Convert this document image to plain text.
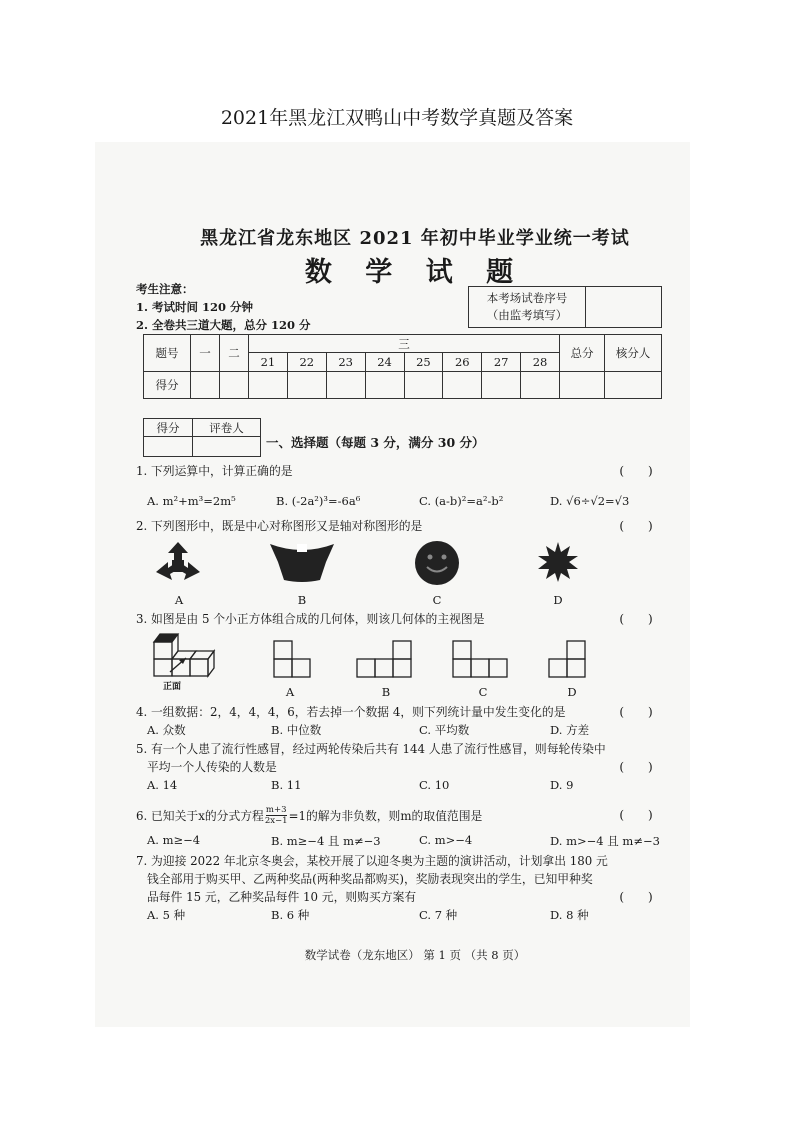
2021年黑龙江双鸭山中考数学真题及答案
黑龙江省龙东地区 2021 年初中毕业学业统一考试
数 学 试 题
考生注意：
1. 考试时间 120 分钟
2. 全卷共三道大题，总分 120 分
本考场试卷序号
（由监考填写）

题号	一	二	三								总分	核分人
			21	22	23	24	25	26	27	28		
得分												
得分	评卷人

一、选择题（每题 3 分，满分 30 分）
1. 下列运算中，计算正确的是	(　　)
A. m²+m³=2m⁵	B. (-2a²)³=-6a⁶	C. (a-b)²=a²-b²	D. √6÷√2=√3
2. 下列图形中，既是中心对称图形又是轴对称图形的是	(　　)
A	B	C	D
3. 如图是由 5 个小正方体组合成的几何体，则该几何体的主视图是	(　　)
正面	A	B	C	D
4. 一组数据：2，4，4，4，6，若去掉一个数据 4，则下列统计量中发生变化的是	(　　)
A. 众数	B. 中位数	C. 平均数	D. 方差
5. 有一个人患了流行性感冒，经过两轮传染后共有 144 人患了流行性感冒，则每轮传染中
平均一个人传染的人数是	(　　)
A. 14	B. 11	C. 10	D. 9
6. 已知关于x的分式方程 $\frac{m+3}{2x-1} =1$的解为非负数，则m的取值范围是	(　　)
A. m≥−4	B. m≥−4 且 m≠−3	C. m>−4	D. m>−4 且 m≠−3
7. 为迎接 2022 年北京冬奥会，某校开展了以迎冬奥为主题的演讲活动，计划拿出 180 元
钱全部用于购买甲、乙两种奖品(两种奖品都购买)，奖励表现突出的学生，已知甲种奖
品每件 15 元，乙种奖品每件 10 元，则购买方案有	(　　)
A. 5 种	B. 6 种	C. 7 种	D. 8 种
数学试卷（龙东地区） 第 1 页 （共 8 页）
